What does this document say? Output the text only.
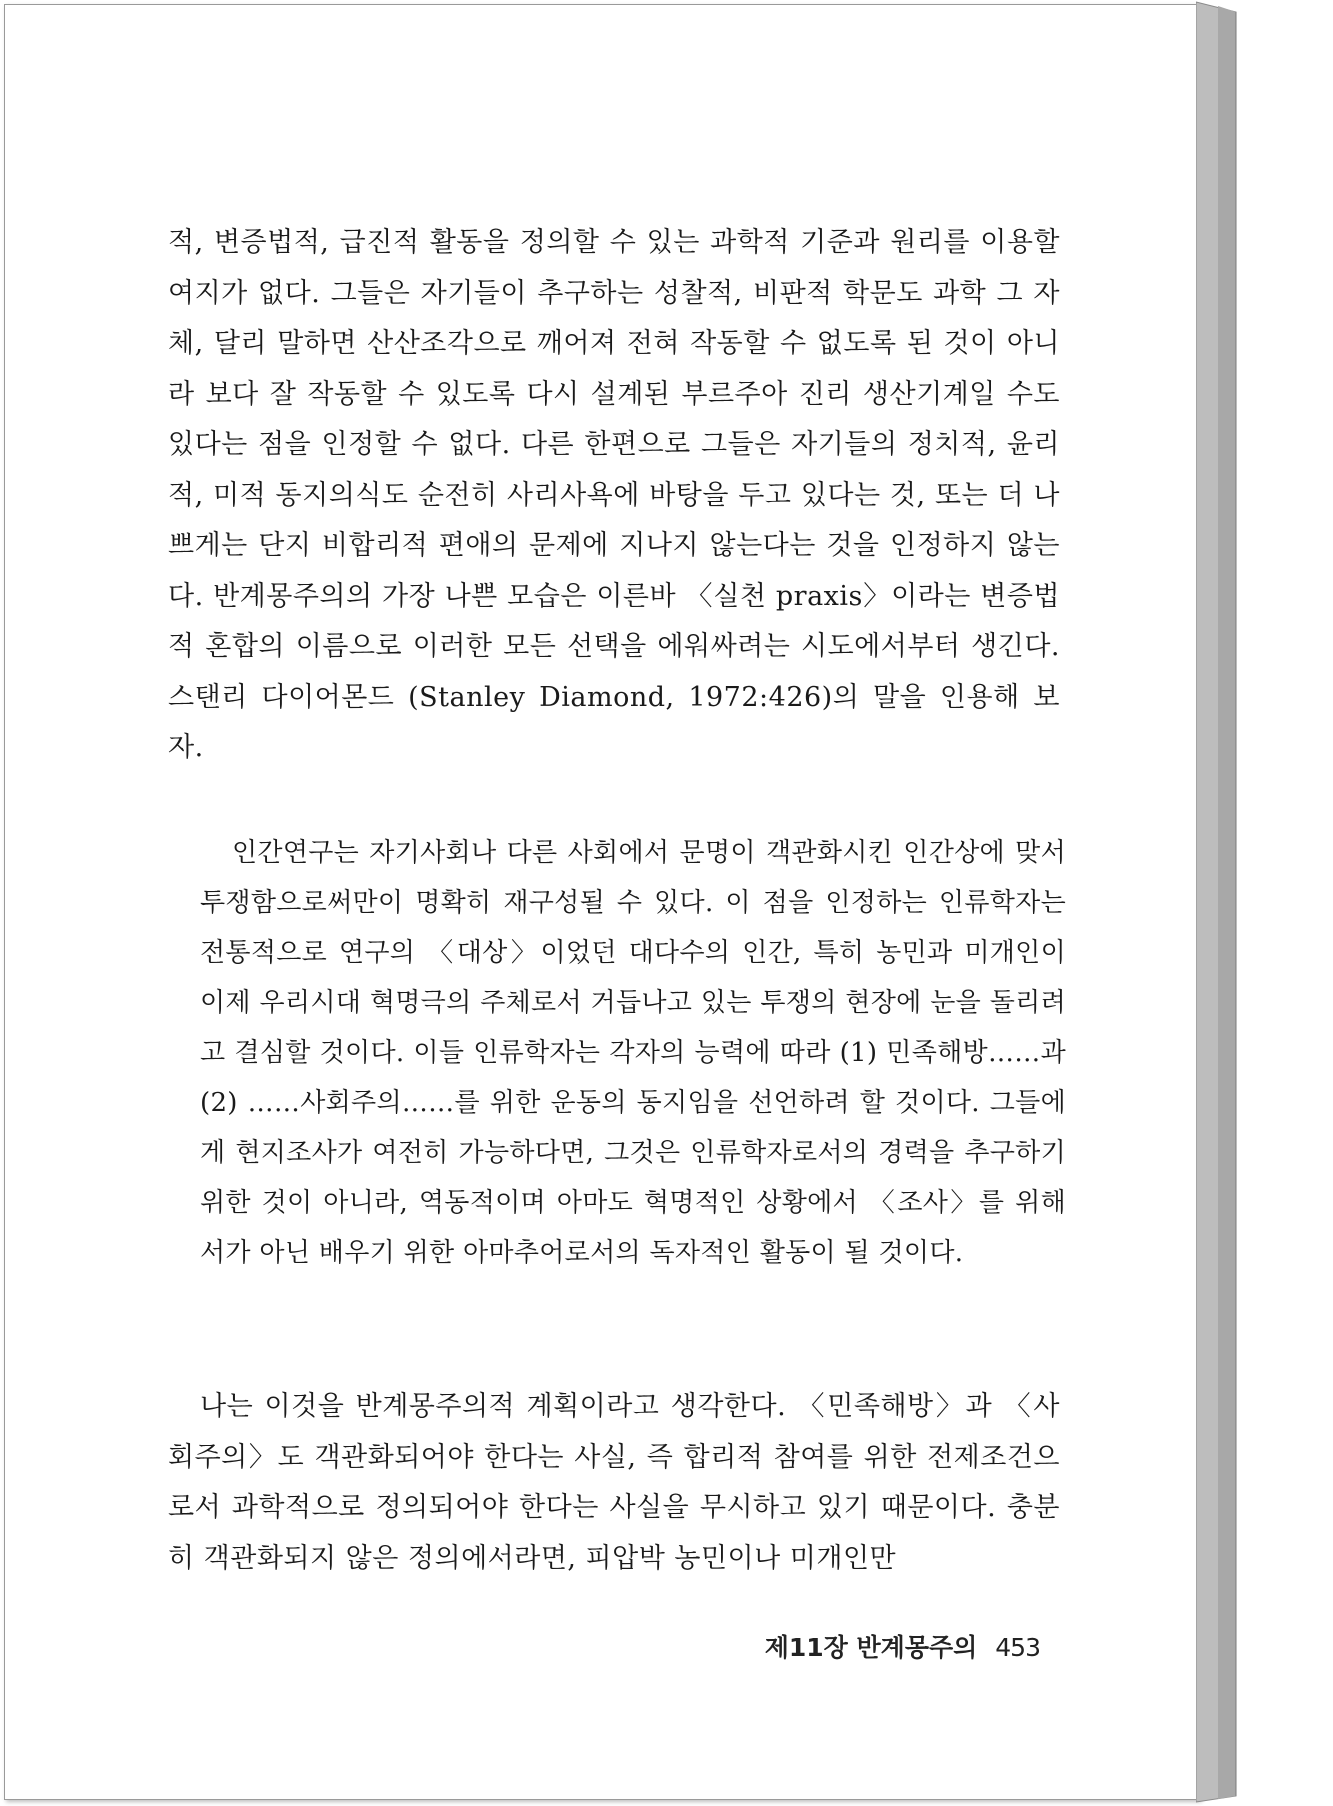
적, 변증법적, 급진적 활동을 정의할 수 있는 과학적 기준과 원리를 이용할 여지가 없다. 그들은 자기들이 추구하는 성찰적, 비판적 학문도 과학 그 자체, 달리 말하면 산산조각으로 깨어져 전혀 작동할 수 없도록 된 것이 아니라 보다 잘 작동할 수 있도록 다시 설계된 부르주아 진리 생산기계일 수도 있다는 점을 인정할 수 없다. 다른 한편으로 그들은 자기들의 정치적, 윤리적, 미적 동지의식도 순전히 사리사욕에 바탕을 두고 있다는 것, 또는 더 나쁘게는 단지 비합리적 편애의 문제에 지나지 않는다는 것을 인정하지 않는다. 반계몽주의의 가장 나쁜 모습은 이른바 〈실천 praxis〉이라는 변증법적 혼합의 이름으로 이러한 모든 선택을 에워싸려는 시도에서부터 생긴다. 스탠리 다이어몬드 (Stanley Diamond, 1972:426)의 말을 인용해 보자.

인간연구는 자기사회나 다른 사회에서 문명이 객관화시킨 인간상에 맞서 투쟁함으로써만이 명확히 재구성될 수 있다. 이 점을 인정하는 인류학자는 전통적으로 연구의 〈대상〉이었던 대다수의 인간, 특히 농민과 미개인이 이제 우리시대 혁명극의 주체로서 거듭나고 있는 투쟁의 현장에 눈을 돌리려고 결심할 것이다. 이들 인류학자는 각자의 능력에 따라 (1) 민족해방……과 (2) ……사회주의……를 위한 운동의 동지임을 선언하려 할 것이다. 그들에게 현지조사가 여전히 가능하다면, 그것은 인류학자로서의 경력을 추구하기 위한 것이 아니라, 역동적이며 아마도 혁명적인 상황에서 〈조사〉를 위해서가 아닌 배우기 위한 아마추어로서의 독자적인 활동이 될 것이다.

나는 이것을 반계몽주의적 계획이라고 생각한다. 〈민족해방〉과 〈사회주의〉도 객관화되어야 한다는 사실, 즉 합리적 참여를 위한 전제조건으로서 과학적으로 정의되어야 한다는 사실을 무시하고 있기 때문이다. 충분히 객관화되지 않은 정의에서라면, 피압박 농민이나 미개인만

제11장 반계몽주의 453
